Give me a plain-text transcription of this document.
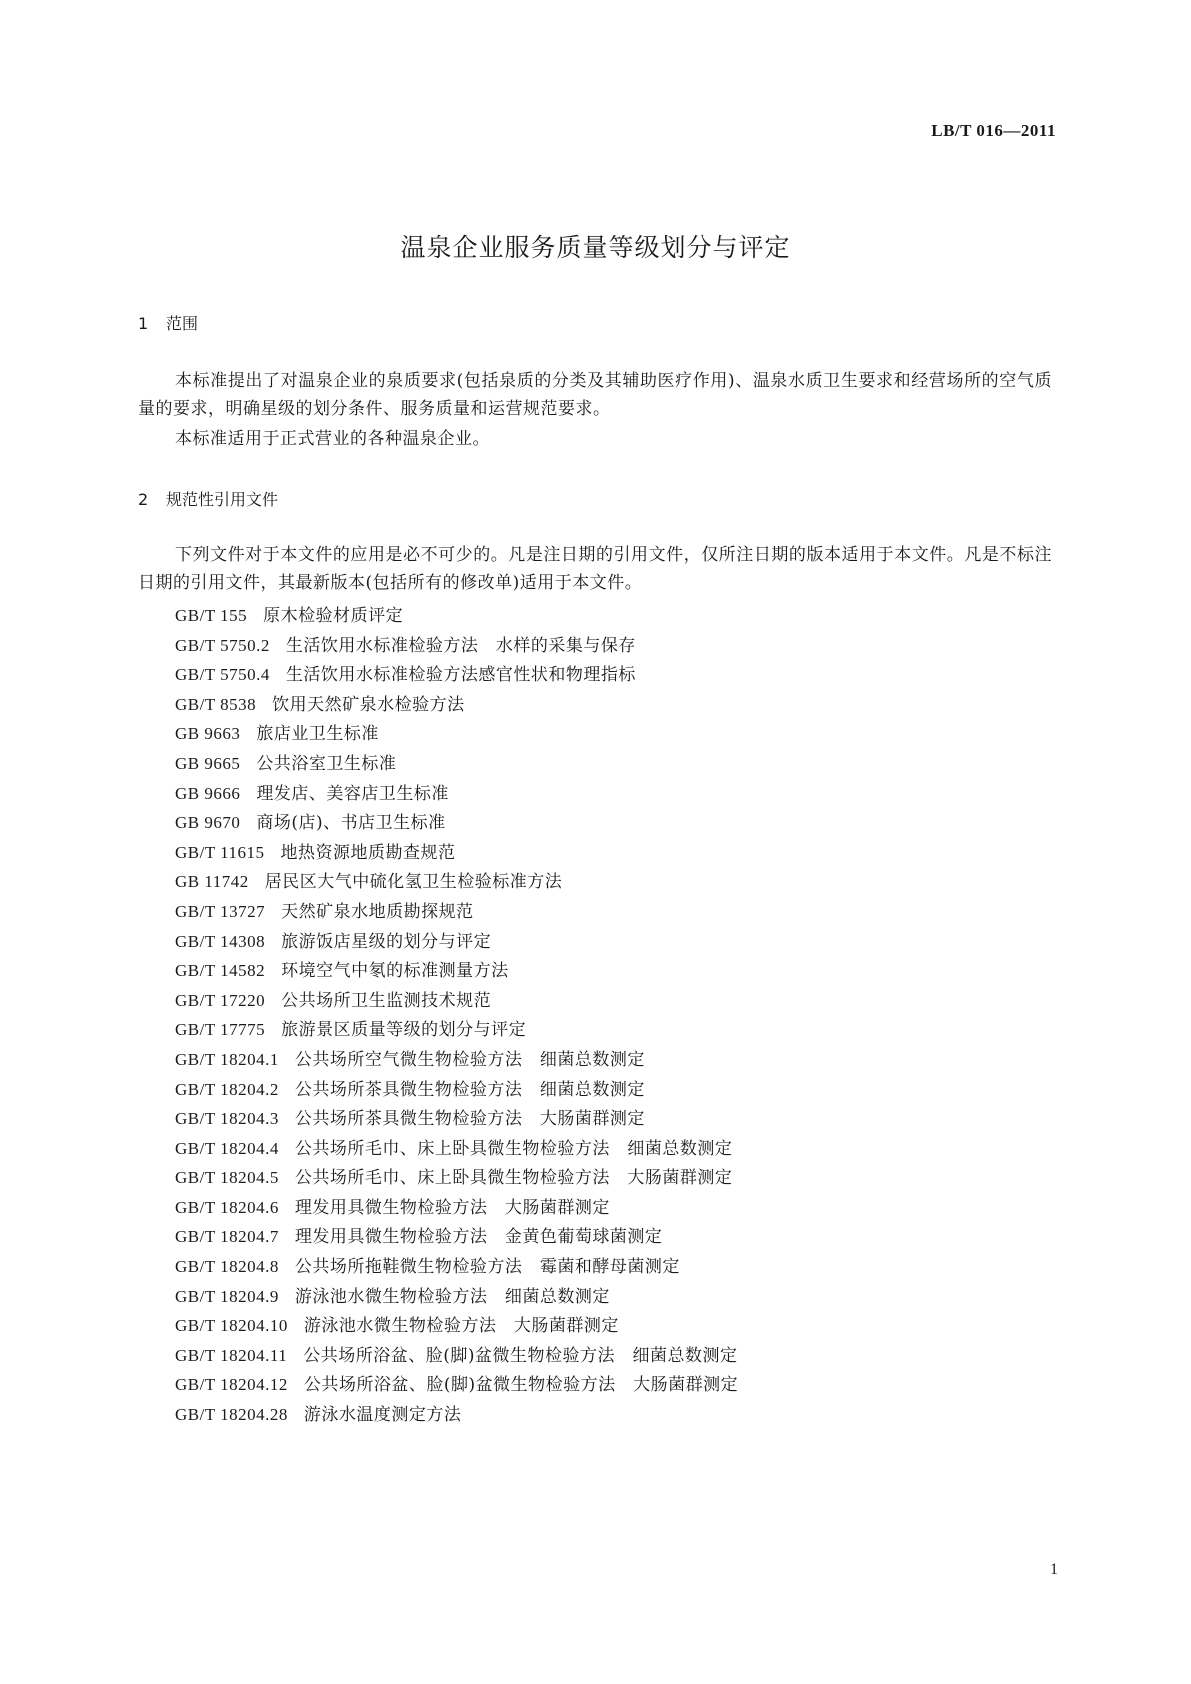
LB/T 016—2011
温泉企业服务质量等级划分与评定
1 范围

本标准提出了对温泉企业的泉质要求(包括泉质的分类及其辅助医疗作用)、温泉水质卫生要求和经营场所的空气质量的要求，明确星级的划分条件、服务质量和运营规范要求。

本标准适用于正式营业的各种温泉企业。

2 规范性引用文件

下列文件对于本文件的应用是必不可少的。凡是注日期的引用文件，仅所注日期的版本适用于本文件。凡是不标注日期的引用文件，其最新版本(包括所有的修改单)适用于本文件。

GB/T 155 原木检验材质评定
GB/T 5750.2 生活饮用水标准检验方法　水样的采集与保存
GB/T 5750.4 生活饮用水标准检验方法感官性状和物理指标
GB/T 8538 饮用天然矿泉水检验方法
GB 9663 旅店业卫生标准
GB 9665 公共浴室卫生标准
GB 9666 理发店、美容店卫生标准
GB 9670 商场(店)、书店卫生标准
GB/T 11615 地热资源地质勘查规范
GB 11742 居民区大气中硫化氢卫生检验标准方法
GB/T 13727 天然矿泉水地质勘探规范
GB/T 14308 旅游饭店星级的划分与评定
GB/T 14582 环境空气中氡的标准测量方法
GB/T 17220 公共场所卫生监测技术规范
GB/T 17775 旅游景区质量等级的划分与评定
GB/T 18204.1 公共场所空气微生物检验方法　细菌总数测定
GB/T 18204.2 公共场所茶具微生物检验方法　细菌总数测定
GB/T 18204.3 公共场所茶具微生物检验方法　大肠菌群测定
GB/T 18204.4 公共场所毛巾、床上卧具微生物检验方法　细菌总数测定
GB/T 18204.5 公共场所毛巾、床上卧具微生物检验方法　大肠菌群测定
GB/T 18204.6 理发用具微生物检验方法　大肠菌群测定
GB/T 18204.7 理发用具微生物检验方法　金黄色葡萄球菌测定
GB/T 18204.8 公共场所拖鞋微生物检验方法　霉菌和酵母菌测定
GB/T 18204.9 游泳池水微生物检验方法　细菌总数测定
GB/T 18204.10 游泳池水微生物检验方法　大肠菌群测定
GB/T 18204.11 公共场所浴盆、脸(脚)盆微生物检验方法　细菌总数测定
GB/T 18204.12 公共场所浴盆、脸(脚)盆微生物检验方法　大肠菌群测定
GB/T 18204.28 游泳水温度测定方法
1
